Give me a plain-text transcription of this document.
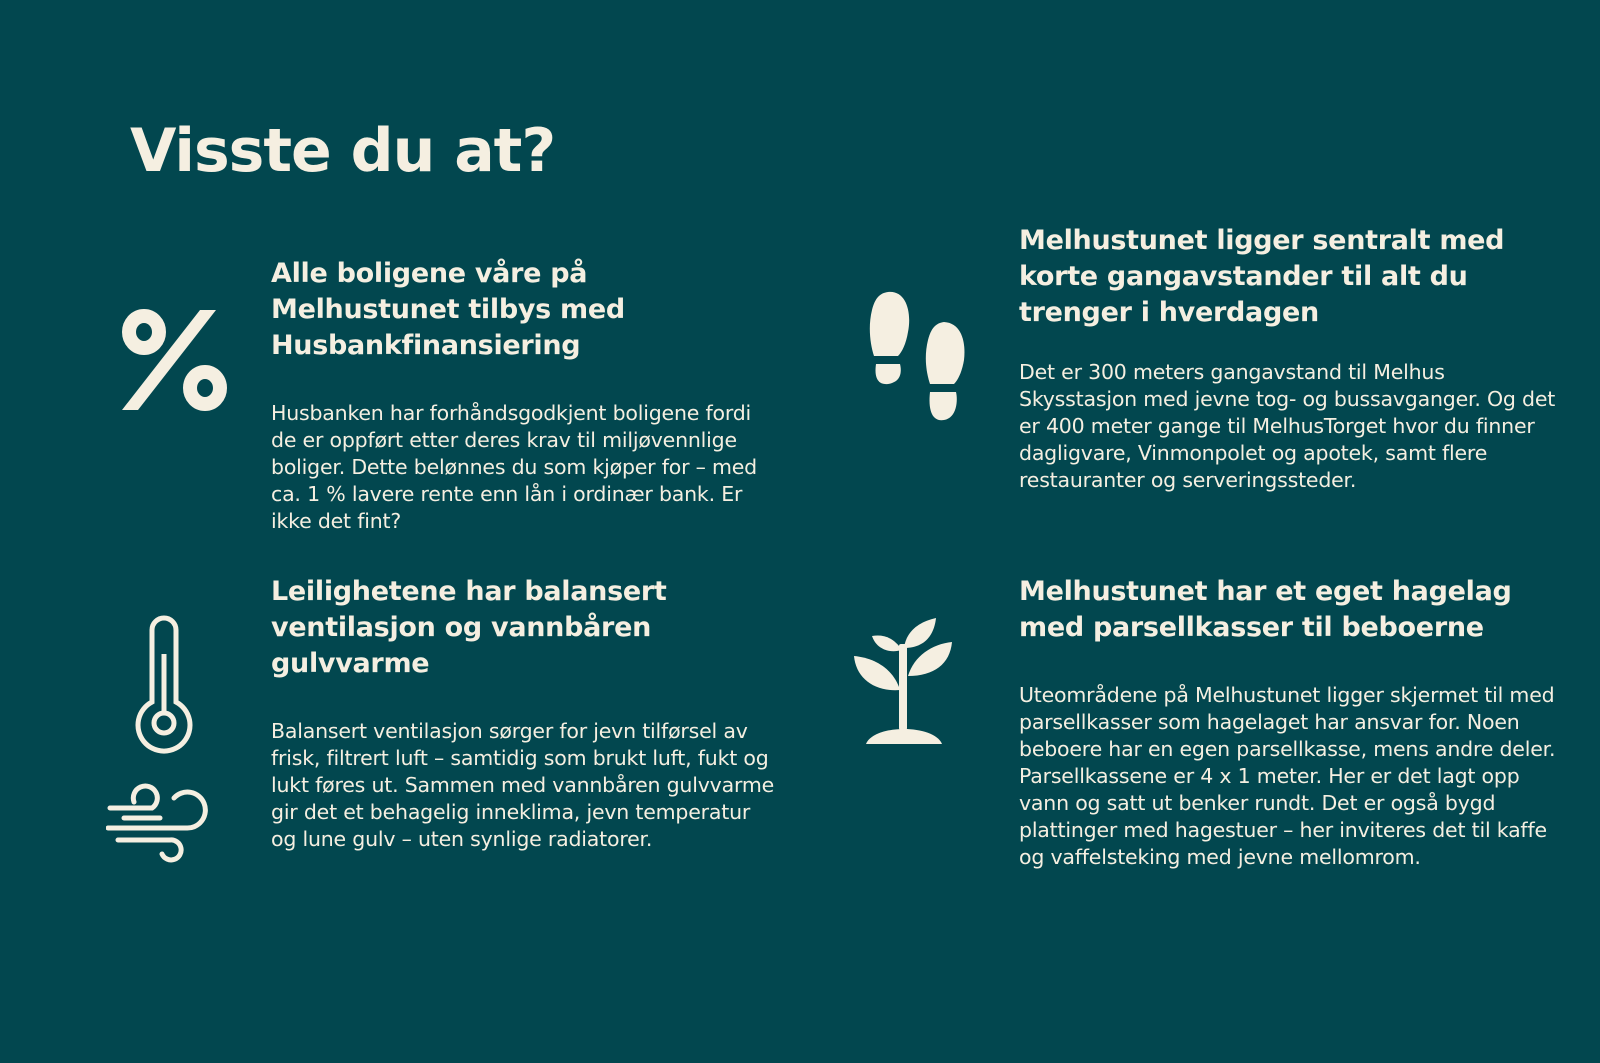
Visste du at?
Alle boligene våre på Melhustunet tilbys med Husbankfinansiering

Husbanken har forhåndsgodkjent boligene fordi de er oppført etter deres krav til miljøvennlige boliger. Dette belønnes du som kjøper for – med ca. 1 % lavere rente enn lån i ordinær bank. Er ikke det fint?

Melhustunet ligger sentralt med korte gangavstander til alt du trenger i hverdagen

Det er 300 meters gangavstand til Melhus Skysstasjon med jevne tog- og bussavganger. Og det er 400 meter gange til MelhusTorget hvor du finner dagligvare, Vinmonpolet og apotek, samt flere restauranter og serveringssteder.

Leilighetene har balansert ventilasjon og vannbåren gulvvarme

Balansert ventilasjon sørger for jevn tilførsel av frisk, filtrert luft – samtidig som brukt luft, fukt og lukt føres ut. Sammen med vannbåren gulvvarme gir det et behagelig inneklima, jevn temperatur og lune gulv – uten synlige radiatorer.

Melhustunet har et eget hagelag med parsellkasser til beboerne

Uteområdene på Melhustunet ligger skjermet til med parsellkasser som hagelaget har ansvar for. Noen beboere har en egen parsellkasse, mens andre deler. Parsellkassene er 4 x 1 meter. Her er det lagt opp vann og satt ut benker rundt. Det er også bygd plattinger med hagestuer – her inviteres det til kaffe og vaffelsteking med jevne mellomrom.
